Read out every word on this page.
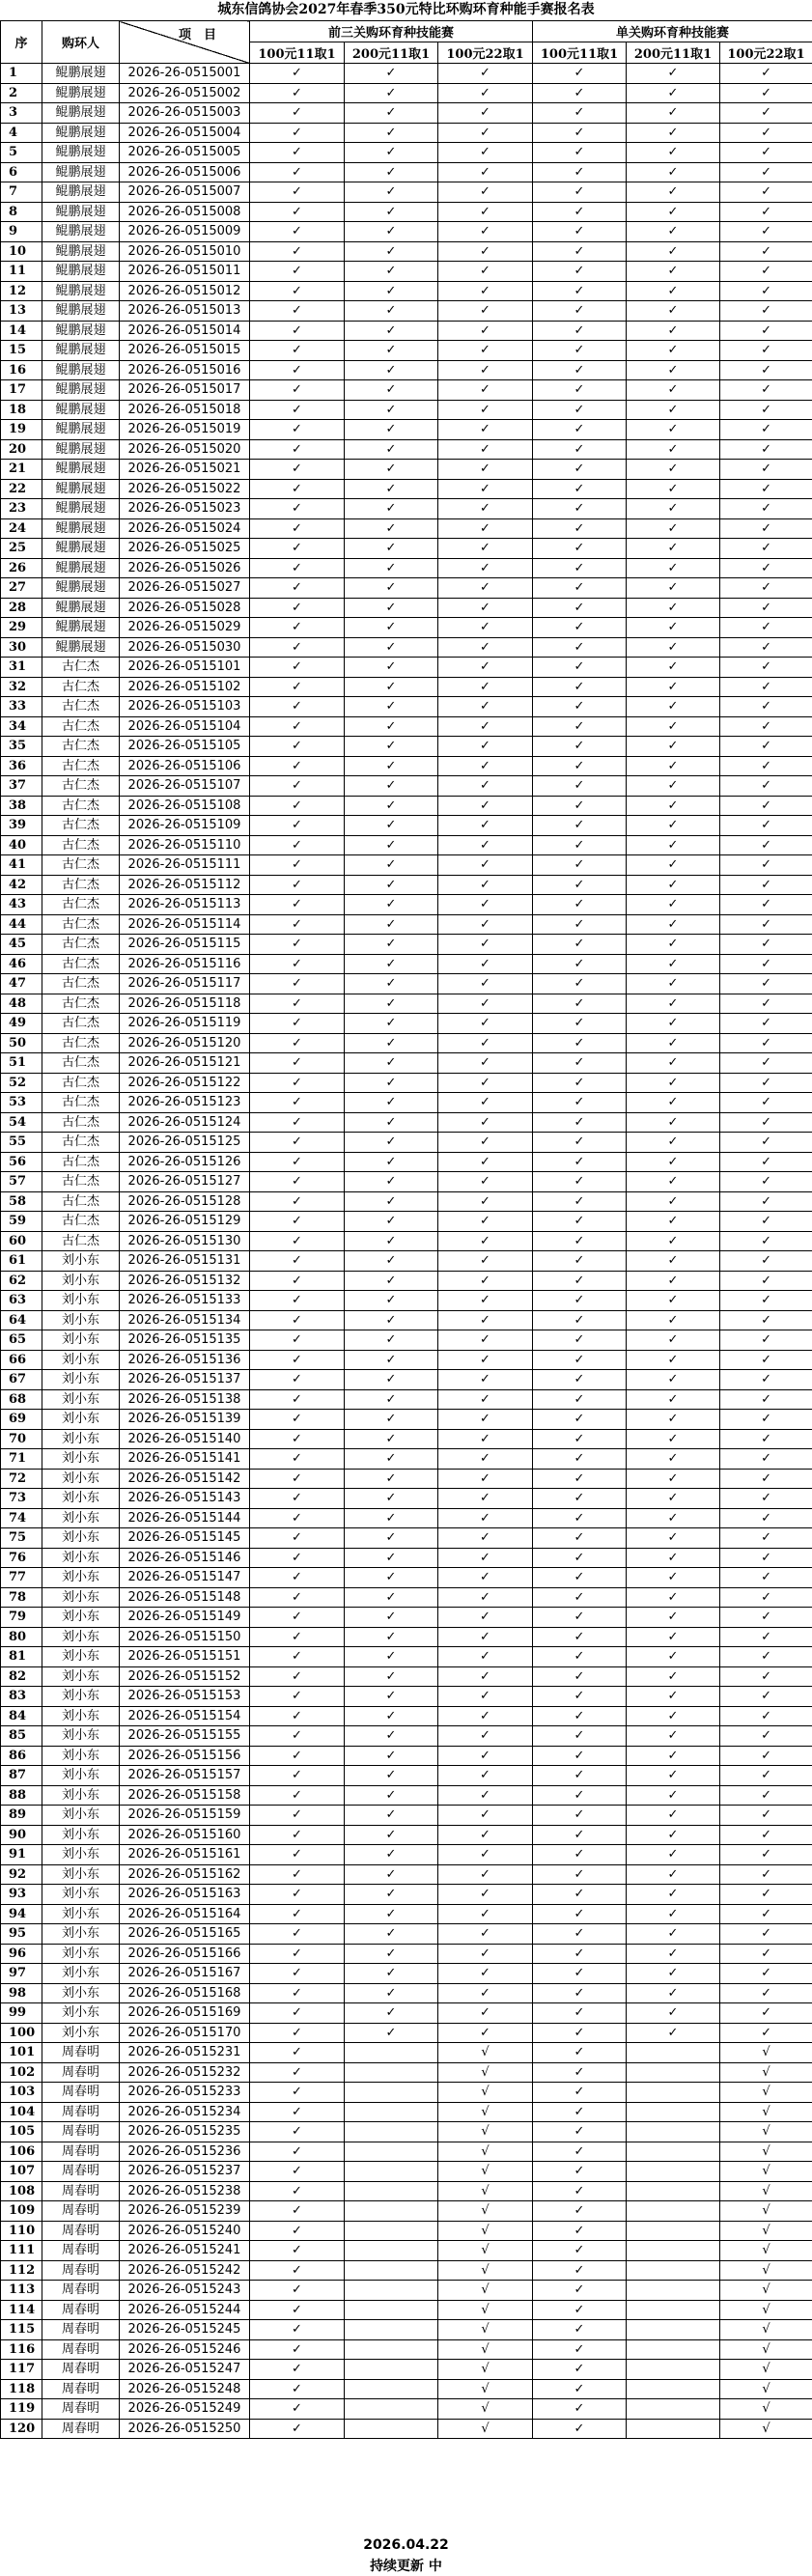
城东信鸽协会2027年春季350元特比环购环育种能手赛报名表
序	购环人	项　目	前三关购环育种技能赛			单关购环育种技能赛		
			100元11取1	200元11取1	100元22取1	100元11取1	200元11取1	100元22取1
1	鲲鹏展翅	2026-26-0515001	✓	✓	✓	✓	✓	✓
2	鲲鹏展翅	2026-26-0515002	✓	✓	✓	✓	✓	✓
3	鲲鹏展翅	2026-26-0515003	✓	✓	✓	✓	✓	✓
4	鲲鹏展翅	2026-26-0515004	✓	✓	✓	✓	✓	✓
5	鲲鹏展翅	2026-26-0515005	✓	✓	✓	✓	✓	✓
6	鲲鹏展翅	2026-26-0515006	✓	✓	✓	✓	✓	✓
7	鲲鹏展翅	2026-26-0515007	✓	✓	✓	✓	✓	✓
8	鲲鹏展翅	2026-26-0515008	✓	✓	✓	✓	✓	✓
9	鲲鹏展翅	2026-26-0515009	✓	✓	✓	✓	✓	✓
10	鲲鹏展翅	2026-26-0515010	✓	✓	✓	✓	✓	✓
11	鲲鹏展翅	2026-26-0515011	✓	✓	✓	✓	✓	✓
12	鲲鹏展翅	2026-26-0515012	✓	✓	✓	✓	✓	✓
13	鲲鹏展翅	2026-26-0515013	✓	✓	✓	✓	✓	✓
14	鲲鹏展翅	2026-26-0515014	✓	✓	✓	✓	✓	✓
15	鲲鹏展翅	2026-26-0515015	✓	✓	✓	✓	✓	✓
16	鲲鹏展翅	2026-26-0515016	✓	✓	✓	✓	✓	✓
17	鲲鹏展翅	2026-26-0515017	✓	✓	✓	✓	✓	✓
18	鲲鹏展翅	2026-26-0515018	✓	✓	✓	✓	✓	✓
19	鲲鹏展翅	2026-26-0515019	✓	✓	✓	✓	✓	✓
20	鲲鹏展翅	2026-26-0515020	✓	✓	✓	✓	✓	✓
21	鲲鹏展翅	2026-26-0515021	✓	✓	✓	✓	✓	✓
22	鲲鹏展翅	2026-26-0515022	✓	✓	✓	✓	✓	✓
23	鲲鹏展翅	2026-26-0515023	✓	✓	✓	✓	✓	✓
24	鲲鹏展翅	2026-26-0515024	✓	✓	✓	✓	✓	✓
25	鲲鹏展翅	2026-26-0515025	✓	✓	✓	✓	✓	✓
26	鲲鹏展翅	2026-26-0515026	✓	✓	✓	✓	✓	✓
27	鲲鹏展翅	2026-26-0515027	✓	✓	✓	✓	✓	✓
28	鲲鹏展翅	2026-26-0515028	✓	✓	✓	✓	✓	✓
29	鲲鹏展翅	2026-26-0515029	✓	✓	✓	✓	✓	✓
30	鲲鹏展翅	2026-26-0515030	✓	✓	✓	✓	✓	✓
31	古仁杰	2026-26-0515101	✓	✓	✓	✓	✓	✓
32	古仁杰	2026-26-0515102	✓	✓	✓	✓	✓	✓
33	古仁杰	2026-26-0515103	✓	✓	✓	✓	✓	✓
34	古仁杰	2026-26-0515104	✓	✓	✓	✓	✓	✓
35	古仁杰	2026-26-0515105	✓	✓	✓	✓	✓	✓
36	古仁杰	2026-26-0515106	✓	✓	✓	✓	✓	✓
37	古仁杰	2026-26-0515107	✓	✓	✓	✓	✓	✓
38	古仁杰	2026-26-0515108	✓	✓	✓	✓	✓	✓
39	古仁杰	2026-26-0515109	✓	✓	✓	✓	✓	✓
40	古仁杰	2026-26-0515110	✓	✓	✓	✓	✓	✓
41	古仁杰	2026-26-0515111	✓	✓	✓	✓	✓	✓
42	古仁杰	2026-26-0515112	✓	✓	✓	✓	✓	✓
43	古仁杰	2026-26-0515113	✓	✓	✓	✓	✓	✓
44	古仁杰	2026-26-0515114	✓	✓	✓	✓	✓	✓
45	古仁杰	2026-26-0515115	✓	✓	✓	✓	✓	✓
46	古仁杰	2026-26-0515116	✓	✓	✓	✓	✓	✓
47	古仁杰	2026-26-0515117	✓	✓	✓	✓	✓	✓
48	古仁杰	2026-26-0515118	✓	✓	✓	✓	✓	✓
49	古仁杰	2026-26-0515119	✓	✓	✓	✓	✓	✓
50	古仁杰	2026-26-0515120	✓	✓	✓	✓	✓	✓
51	古仁杰	2026-26-0515121	✓	✓	✓	✓	✓	✓
52	古仁杰	2026-26-0515122	✓	✓	✓	✓	✓	✓
53	古仁杰	2026-26-0515123	✓	✓	✓	✓	✓	✓
54	古仁杰	2026-26-0515124	✓	✓	✓	✓	✓	✓
55	古仁杰	2026-26-0515125	✓	✓	✓	✓	✓	✓
56	古仁杰	2026-26-0515126	✓	✓	✓	✓	✓	✓
57	古仁杰	2026-26-0515127	✓	✓	✓	✓	✓	✓
58	古仁杰	2026-26-0515128	✓	✓	✓	✓	✓	✓
59	古仁杰	2026-26-0515129	✓	✓	✓	✓	✓	✓
60	古仁杰	2026-26-0515130	✓	✓	✓	✓	✓	✓
61	刘小东	2026-26-0515131	✓	✓	✓	✓	✓	✓
62	刘小东	2026-26-0515132	✓	✓	✓	✓	✓	✓
63	刘小东	2026-26-0515133	✓	✓	✓	✓	✓	✓
64	刘小东	2026-26-0515134	✓	✓	✓	✓	✓	✓
65	刘小东	2026-26-0515135	✓	✓	✓	✓	✓	✓
66	刘小东	2026-26-0515136	✓	✓	✓	✓	✓	✓
67	刘小东	2026-26-0515137	✓	✓	✓	✓	✓	✓
68	刘小东	2026-26-0515138	✓	✓	✓	✓	✓	✓
69	刘小东	2026-26-0515139	✓	✓	✓	✓	✓	✓
70	刘小东	2026-26-0515140	✓	✓	✓	✓	✓	✓
71	刘小东	2026-26-0515141	✓	✓	✓	✓	✓	✓
72	刘小东	2026-26-0515142	✓	✓	✓	✓	✓	✓
73	刘小东	2026-26-0515143	✓	✓	✓	✓	✓	✓
74	刘小东	2026-26-0515144	✓	✓	✓	✓	✓	✓
75	刘小东	2026-26-0515145	✓	✓	✓	✓	✓	✓
76	刘小东	2026-26-0515146	✓	✓	✓	✓	✓	✓
77	刘小东	2026-26-0515147	✓	✓	✓	✓	✓	✓
78	刘小东	2026-26-0515148	✓	✓	✓	✓	✓	✓
79	刘小东	2026-26-0515149	✓	✓	✓	✓	✓	✓
80	刘小东	2026-26-0515150	✓	✓	✓	✓	✓	✓
81	刘小东	2026-26-0515151	✓	✓	✓	✓	✓	✓
82	刘小东	2026-26-0515152	✓	✓	✓	✓	✓	✓
83	刘小东	2026-26-0515153	✓	✓	✓	✓	✓	✓
84	刘小东	2026-26-0515154	✓	✓	✓	✓	✓	✓
85	刘小东	2026-26-0515155	✓	✓	✓	✓	✓	✓
86	刘小东	2026-26-0515156	✓	✓	✓	✓	✓	✓
87	刘小东	2026-26-0515157	✓	✓	✓	✓	✓	✓
88	刘小东	2026-26-0515158	✓	✓	✓	✓	✓	✓
89	刘小东	2026-26-0515159	✓	✓	✓	✓	✓	✓
90	刘小东	2026-26-0515160	✓	✓	✓	✓	✓	✓
91	刘小东	2026-26-0515161	✓	✓	✓	✓	✓	✓
92	刘小东	2026-26-0515162	✓	✓	✓	✓	✓	✓
93	刘小东	2026-26-0515163	✓	✓	✓	✓	✓	✓
94	刘小东	2026-26-0515164	✓	✓	✓	✓	✓	✓
95	刘小东	2026-26-0515165	✓	✓	✓	✓	✓	✓
96	刘小东	2026-26-0515166	✓	✓	✓	✓	✓	✓
97	刘小东	2026-26-0515167	✓	✓	✓	✓	✓	✓
98	刘小东	2026-26-0515168	✓	✓	✓	✓	✓	✓
99	刘小东	2026-26-0515169	✓	✓	✓	✓	✓	✓
100	刘小东	2026-26-0515170	✓	✓	✓	✓	✓	✓
101	周春明	2026-26-0515231	✓		√	✓		√
102	周春明	2026-26-0515232	✓		√	✓		√
103	周春明	2026-26-0515233	✓		√	✓		√
104	周春明	2026-26-0515234	✓		√	✓		√
105	周春明	2026-26-0515235	✓		√	✓		√
106	周春明	2026-26-0515236	✓		√	✓		√
107	周春明	2026-26-0515237	✓		√	✓		√
108	周春明	2026-26-0515238	✓		√	✓		√
109	周春明	2026-26-0515239	✓		√	✓		√
110	周春明	2026-26-0515240	✓		√	✓		√
111	周春明	2026-26-0515241	✓		√	✓		√
112	周春明	2026-26-0515242	✓		√	✓		√
113	周春明	2026-26-0515243	✓		√	✓		√
114	周春明	2026-26-0515244	✓		√	✓		√
115	周春明	2026-26-0515245	✓		√	✓		√
116	周春明	2026-26-0515246	✓		√	✓		√
117	周春明	2026-26-0515247	✓		√	✓		√
118	周春明	2026-26-0515248	✓		√	✓		√
119	周春明	2026-26-0515249	✓		√	✓		√
120	周春明	2026-26-0515250	✓		√	✓		√
2026.04.22
持续更新 中
